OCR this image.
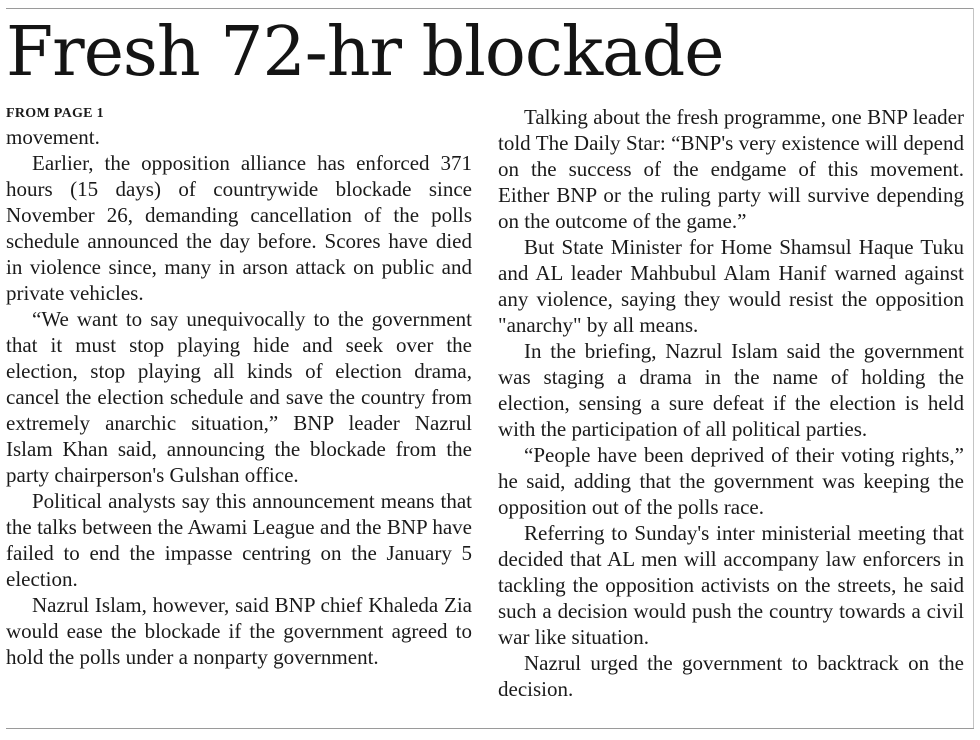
Fresh 72-hr blockade
FROM PAGE 1

movement.

Earlier, the opposition alliance has enforced 371 hours (15 days) of countrywide blockade since November 26, demanding cancellation of the polls schedule announced the day before. Scores have died in violence since, many in arson attack on public and private vehicles.

“We want to say unequivocally to the government that it must stop playing hide and seek over the election, stop playing all kinds of election drama, cancel the election schedule and save the country from extremely anarchic situation,” BNP leader Nazrul Islam Khan said, announcing the blockade from the party chairperson's Gulshan office.

Political analysts say this announcement means that the talks between the Awami League and the BNP have failed to end the impasse centring on the January 5 election.

Nazrul Islam, however, said BNP chief Khaleda Zia would ease the blockade if the government agreed to hold the polls under a nonparty government.

Talking about the fresh programme, one BNP leader told The Daily Star: “BNP's very existence will depend on the success of the endgame of this movement. Either BNP or the ruling party will survive depending on the outcome of the game.”

But State Minister for Home Shamsul Haque Tuku and AL leader Mahbubul Alam Hanif warned against any violence, saying they would resist the opposition "anarchy" by all means.

In the briefing, Nazrul Islam said the government was staging a drama in the name of holding the election, sensing a sure defeat if the election is held with the participation of all political parties.

“People have been deprived of their voting rights,” he said, adding that the government was keeping the opposition out of the polls race.

Referring to Sunday's inter ministerial meeting that decided that AL men will accompany law enforcers in tackling the opposition activists on the streets, he said such a decision would push the country towards a civil war like situation.

Nazrul urged the government to backtrack on the decision.
